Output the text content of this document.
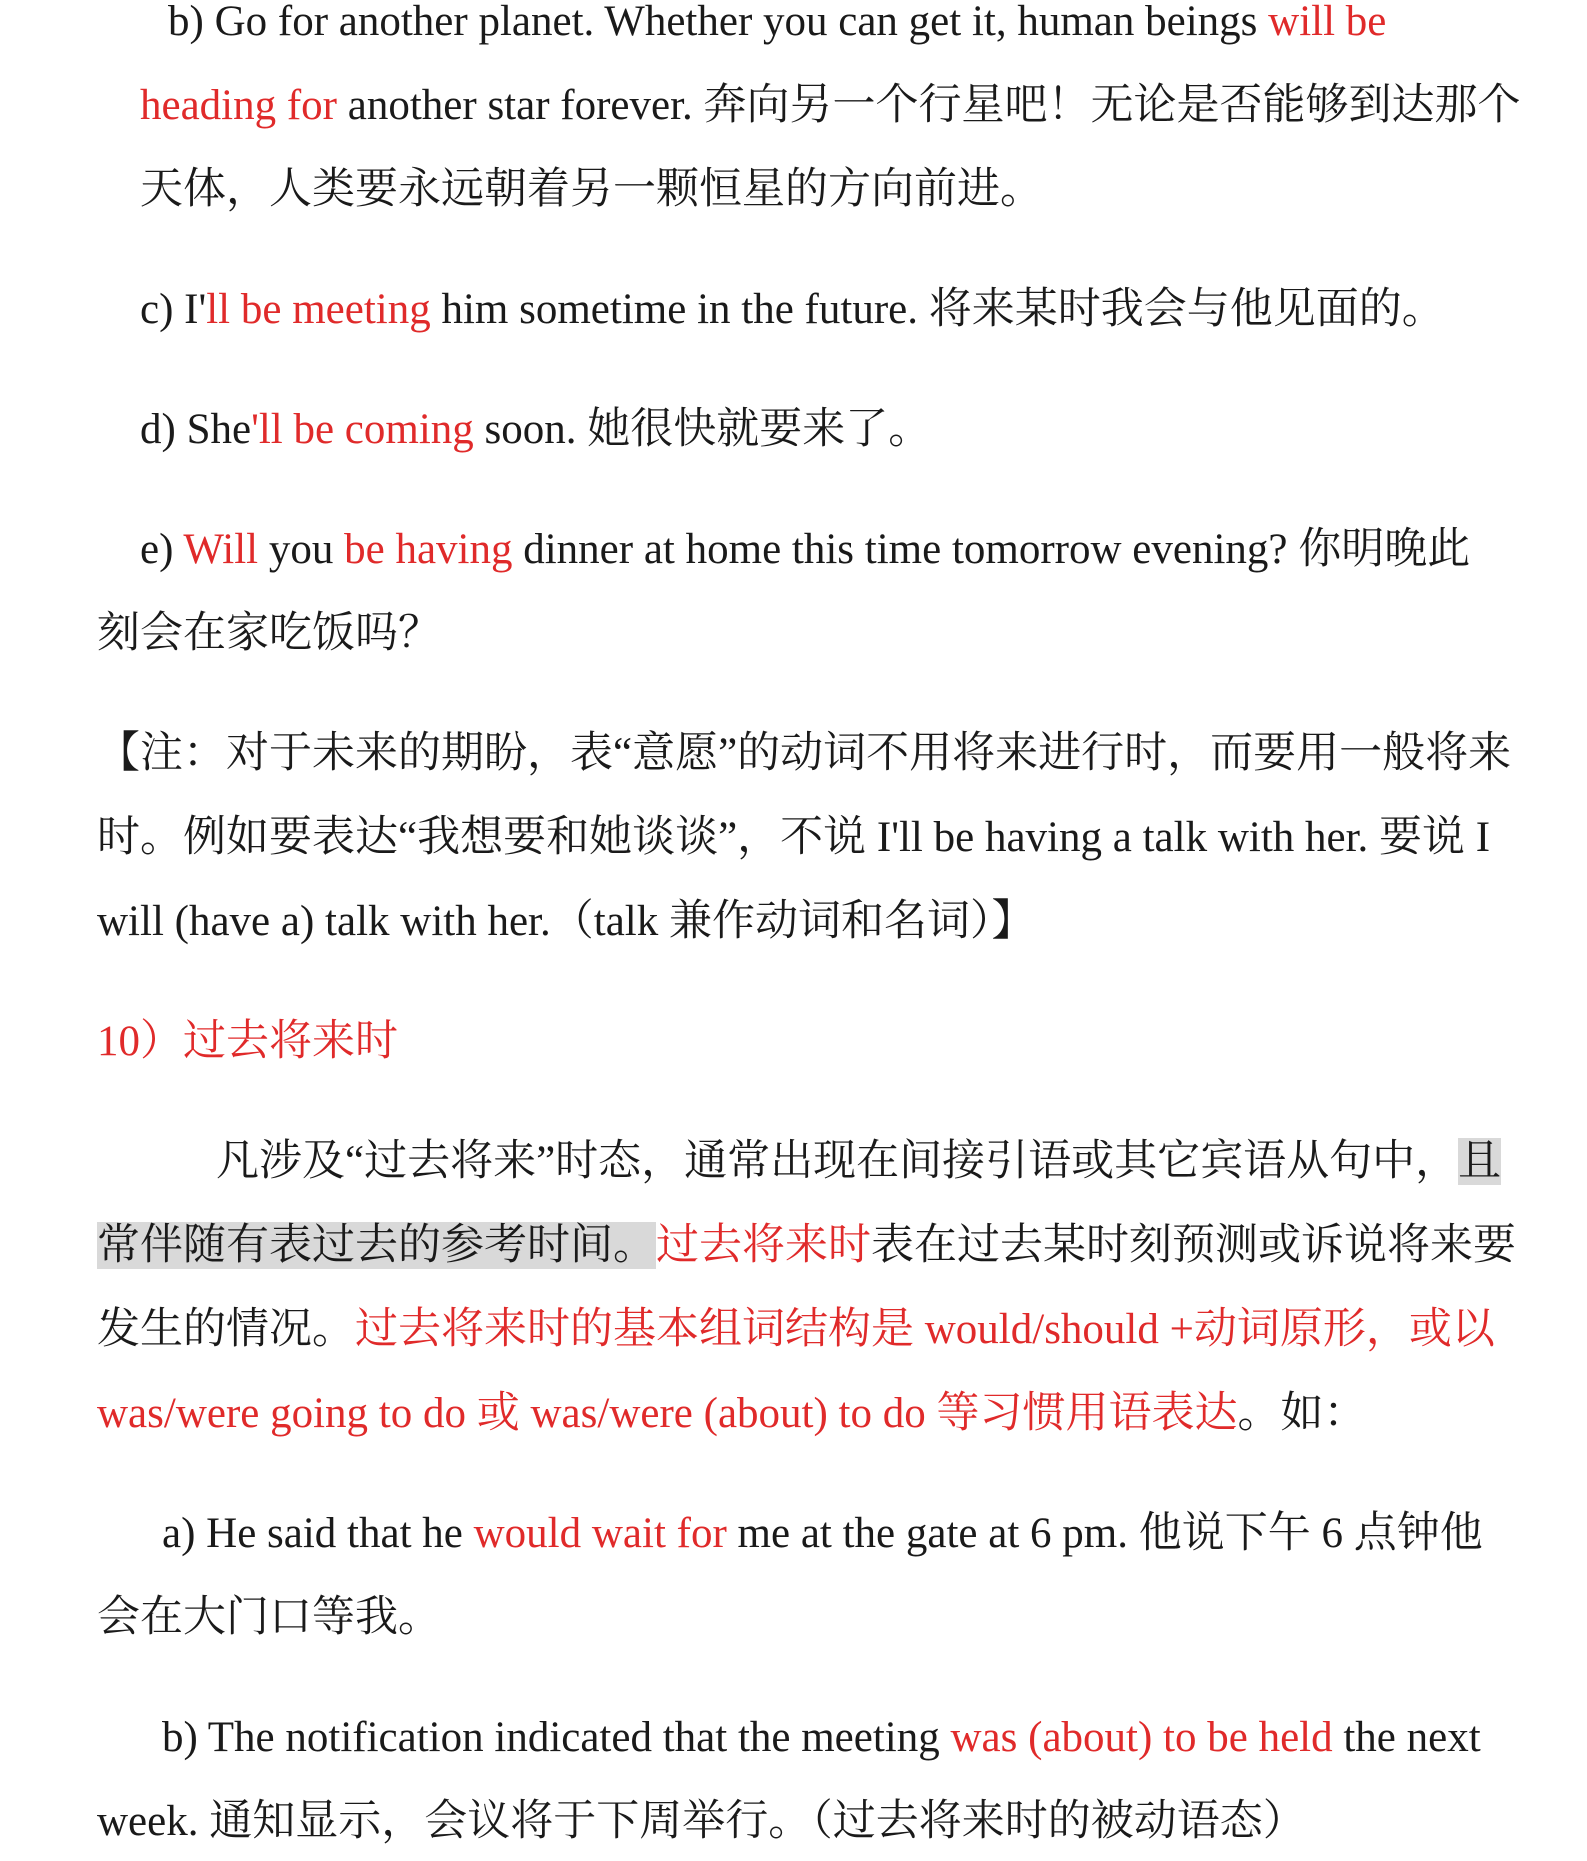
b) Go for another planet. Whether you can get it, human beings will be
heading for another star forever. 奔向另一个行星吧！无论是否能够到达那个
天体，人类要永远朝着另一颗恒星的方向前进。
c) I'll be meeting him sometime in the future. 将来某时我会与他见面的。
d) She'll be coming soon. 她很快就要来了。
e) Will you be having dinner at home this time tomorrow evening? 你明晚此
刻会在家吃饭吗？
【注：对于未来的期盼，表“意愿”的动词不用将来进行时，而要用一般将来
时。例如要表达“我想要和她谈谈”，不说 I'll be having a talk with her. 要说 I
will (have a) talk with her.（talk 兼作动词和名词）】
10）过去将来时
凡涉及“过去将来”时态，通常出现在间接引语或其它宾语从句中，且
常伴随有表过去的参考时间。过去将来时表在过去某时刻预测或诉说将来要
发生的情况。过去将来时的基本组词结构是 would/should +动词原形，或以
was/were going to do 或 was/were (about) to do 等习惯用语表达。如：
a) He said that he would wait for me at the gate at 6 pm. 他说下午 6 点钟他
会在大门口等我。
b) The notification indicated that the meeting was (about) to be held the next
week. 通知显示，会议将于下周举行。（过去将来时的被动语态）
